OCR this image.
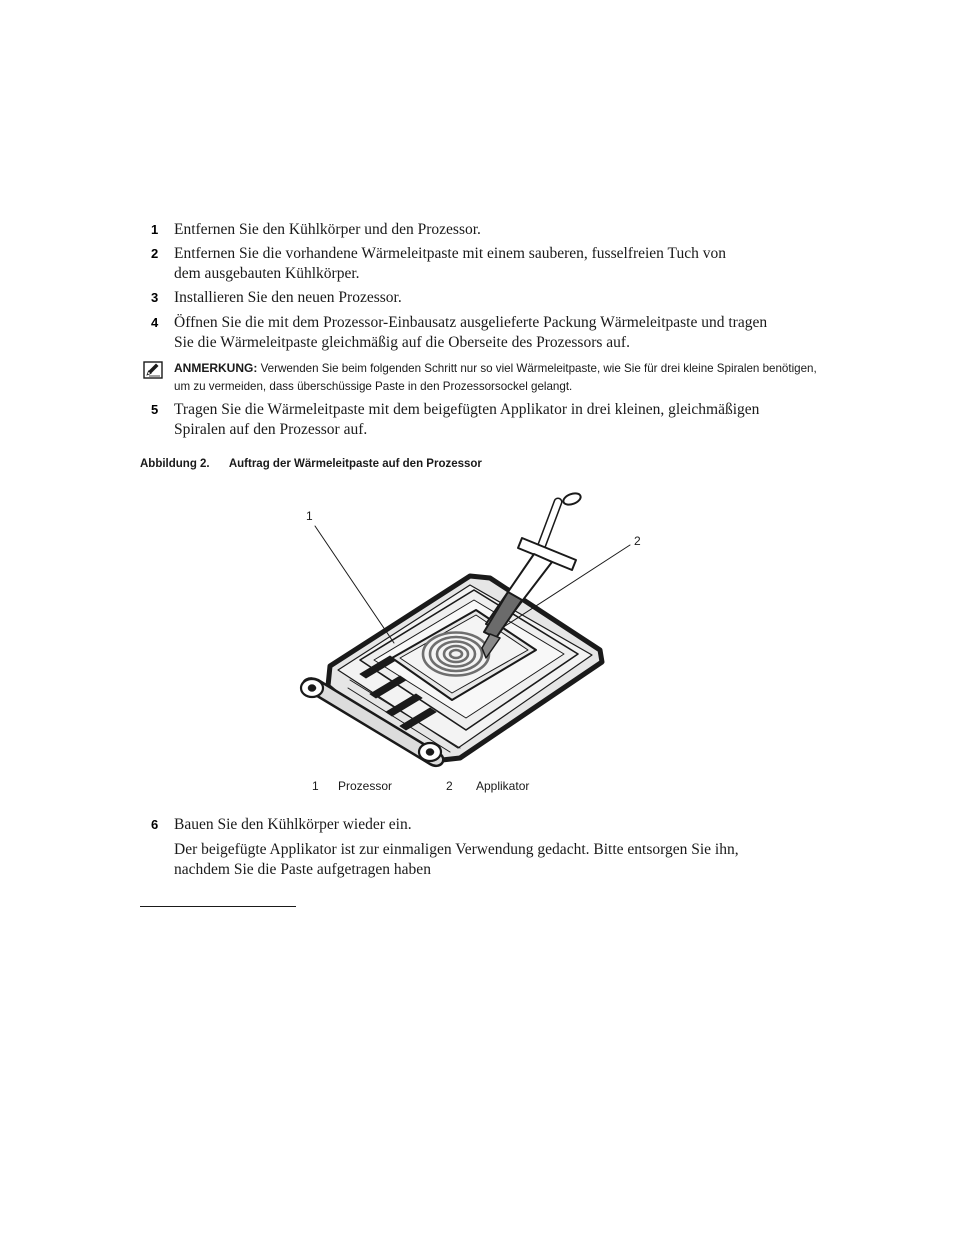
1 Entfernen Sie den Kühlkörper und den Prozessor.
2 Entfernen Sie die vorhandene Wärmeleitpaste mit einem sauberen, fusselfreien Tuch von dem ausgebauten Kühlkörper.
3 Installieren Sie den neuen Prozessor.
4 Öffnen Sie die mit dem Prozessor-Einbausatz ausgelieferte Packung Wärmeleitpaste und tragen Sie die Wärmeleitpaste gleichmäßig auf die Oberseite des Prozessors auf.
ANMERKUNG: Verwenden Sie beim folgenden Schritt nur so viel Wärmeleitpaste, wie Sie für drei kleine Spiralen benötigen, um zu vermeiden, dass überschüssige Paste in den Prozessorsockel gelangt.
5 Tragen Sie die Wärmeleitpaste mit dem beigefügten Applikator in drei kleinen, gleichmäßigen Spiralen auf den Prozessor auf.
Abbildung 2. Auftrag der Wärmeleitpaste auf den Prozessor
1
2
1 Prozessor	2 Applikator
6 Bauen Sie den Kühlkörper wieder ein.
Der beigefügte Applikator ist zur einmaligen Verwendung gedacht. Bitte entsorgen Sie ihn, nachdem Sie die Paste aufgetragen haben
